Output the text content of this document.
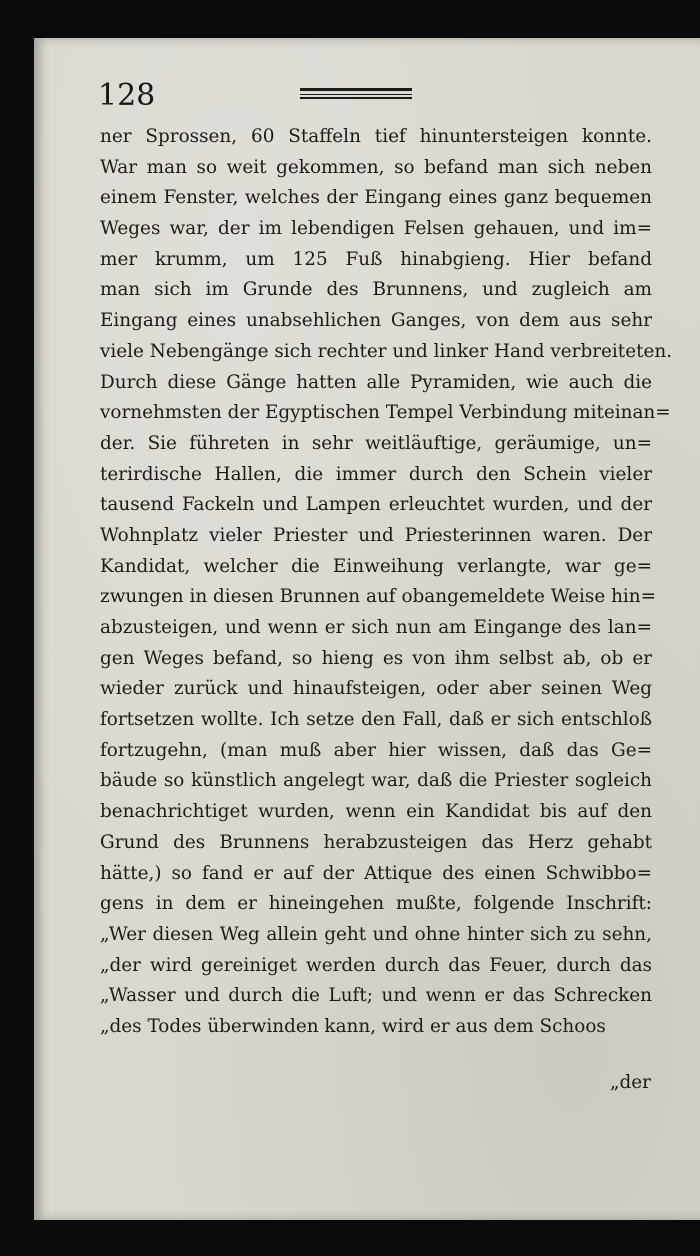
128
ner Sprossen, 60 Staffeln tief hinuntersteigen konnte.
War man so weit gekommen, so befand man sich neben
einem Fenster, welches der Eingang eines ganz bequemen
Weges war, der im lebendigen Felsen gehauen, und im=
mer krumm, um 125 Fuß hinabgieng. Hier befand
man sich im Grunde des Brunnens, und zugleich am
Eingang eines unabsehlichen Ganges, von dem aus sehr
viele Nebengänge sich rechter und linker Hand verbreiteten.
Durch diese Gänge hatten alle Pyramiden, wie auch die
vornehmsten der Egyptischen Tempel Verbindung miteinan=
der. Sie führeten in sehr weitläuftige, geräumige, un=
terirdische Hallen, die immer durch den Schein vieler
tausend Fackeln und Lampen erleuchtet wurden, und der
Wohnplatz vieler Priester und Priesterinnen waren. Der
Kandidat, welcher die Einweihung verlangte, war ge=
zwungen in diesen Brunnen auf obangemeldete Weise hin=
abzusteigen, und wenn er sich nun am Eingange des lan=
gen Weges befand, so hieng es von ihm selbst ab, ob er
wieder zurück und hinaufsteigen, oder aber seinen Weg
fortsetzen wollte. Ich setze den Fall, daß er sich entschloß
fortzugehn, (man muß aber hier wissen, daß das Ge=
bäude so künstlich angelegt war, daß die Priester sogleich
benachrichtiget wurden, wenn ein Kandidat bis auf den
Grund des Brunnens herabzusteigen das Herz gehabt
hätte,) so fand er auf der Attique des einen Schwibbo=
gens in dem er hineingehen mußte, folgende Inschrift:
„Wer diesen Weg allein geht und ohne hinter sich zu sehn,
„der wird gereiniget werden durch das Feuer, durch das
„Wasser und durch die Luft; und wenn er das Schrecken
„des Todes überwinden kann, wird er aus dem Schoos
„der
